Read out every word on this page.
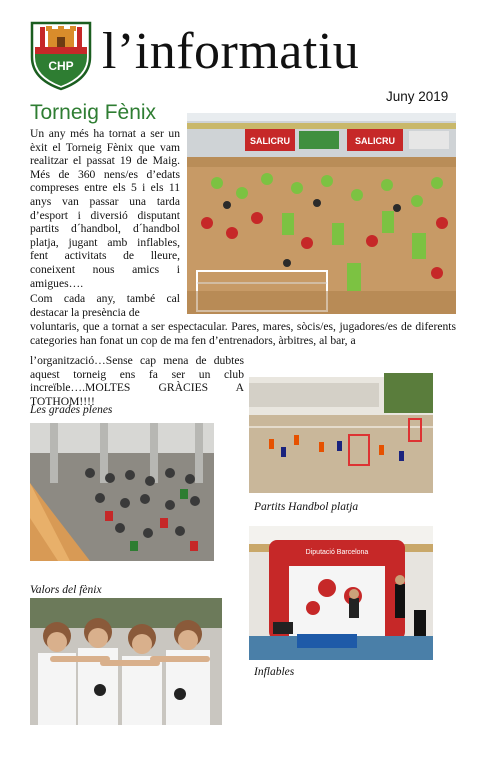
CHP l’informatiu
Juny 2019
Torneig Fènix

Un any més ha tornat a ser un èxit el Torneig Fènix que vam realitzar el passat 19 de Maig. Més de 360 nens/es d’edats compreses entre els 5 i els 11 anys van passar una tarda d’esport i diversió disputant partits d´handbol, d´handbol platja, jugant amb inflables, fent activitats de lleure, coneixent nous amics i amigues….

Com cada any, també cal destacar la presència de

voluntaris, que a tornat a ser espectacular. Pares, mares, sòcis/es, jugadores/es de diferents categories han fonat un cop de ma fen d’entrenadors, àrbitres, al bar, a

l’organització…Sense cap mena de dubtes aquest torneig ens fa ser un club increïble….MOLTES GRÀCIES A TOTHOM!!!!

SALICRU	SALICRU
Diputació Barcelona
Les grades plenes
Partits Handbol platja
Valors del fènix
Inflables
